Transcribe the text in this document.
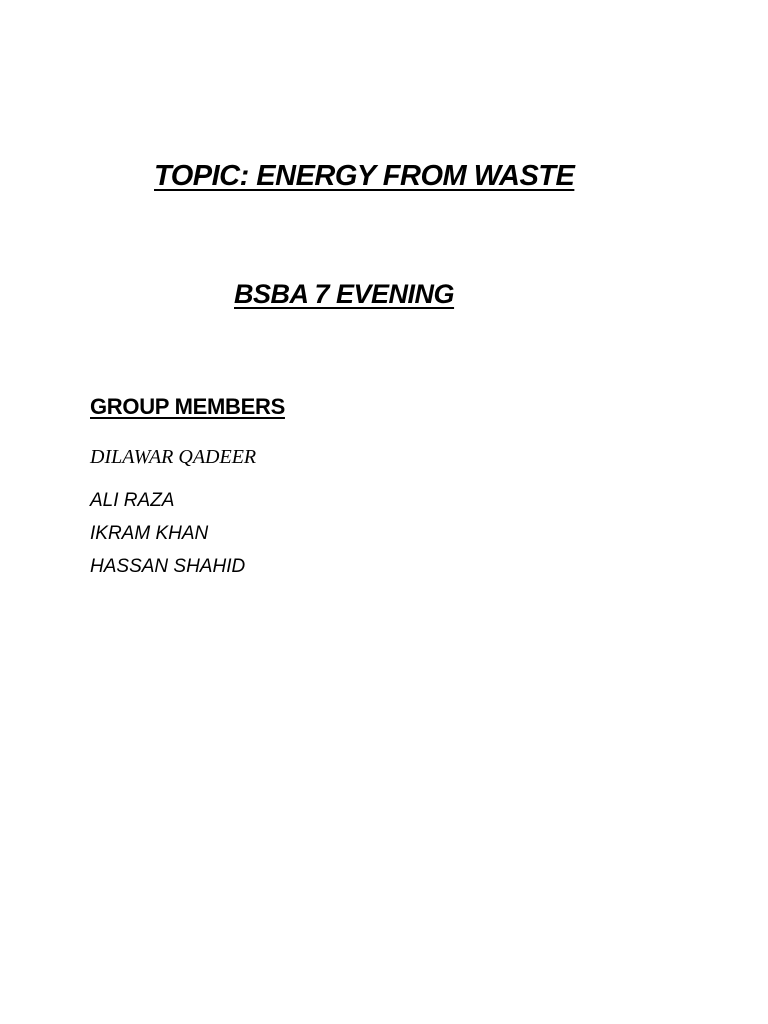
TOPIC: ENERGY FROM WASTE
BSBA 7 EVENING
GROUP MEMBERS
DILAWAR QADEER
ALI RAZA
IKRAM KHAN
HASSAN SHAHID
